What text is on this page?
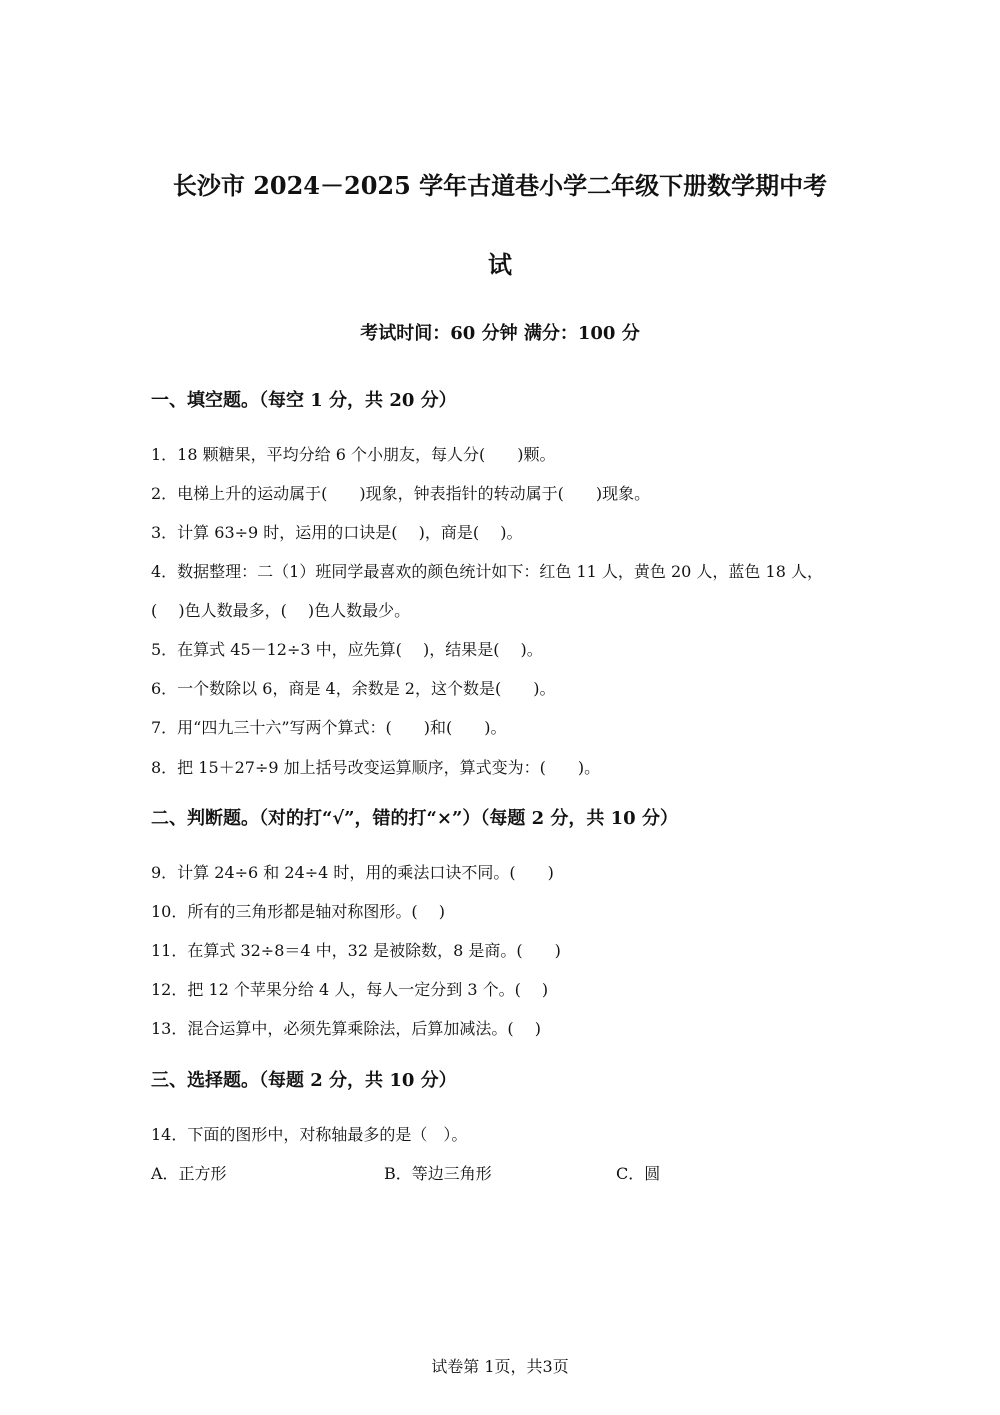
长沙市 2024－2025 学年古道巷小学二年级下册数学期中考
试
考试时间：60 分钟 满分：100 分
一、填空题。（每空 1 分，共 20 分）
1．18 颗糖果，平均分给 6 个小朋友，每人分(　　)颗。
2．电梯上升的运动属于(　　)现象，钟表指针的转动属于(　　)现象。
3．计算 63÷9 时，运用的口诀是(　 )，商是(　 )。
4．数据整理：二（1）班同学最喜欢的颜色统计如下：红色 11 人，黄色 20 人，蓝色 18 人，
(　 )色人数最多，(　 )色人数最少。
5．在算式 45－12÷3 中，应先算(　 )，结果是(　 )。
6．一个数除以 6，商是 4，余数是 2，这个数是(　　)。
7．用“四九三十六”写两个算式：(　　)和(　　)。
8．把 15＋27÷9 加上括号改变运算顺序，算式变为：(　　)。
二、判断题。（对的打“√”，错的打“×”）（每题 2 分，共 10 分）
9．计算 24÷6 和 24÷4 时，用的乘法口诀不同。(　　)
10．所有的三角形都是轴对称图形。(　 )
11．在算式 32÷8＝4 中，32 是被除数，8 是商。(　　)
12．把 12 个苹果分给 4 人，每人一定分到 3 个。(　 )
13．混合运算中，必须先算乘除法，后算加减法。(　 )
三、选择题。（每题 2 分，共 10 分）
14．下面的图形中，对称轴最多的是（　）。
A．正方形	B．等边三角形	C．圆
试卷第 1页，共3页
